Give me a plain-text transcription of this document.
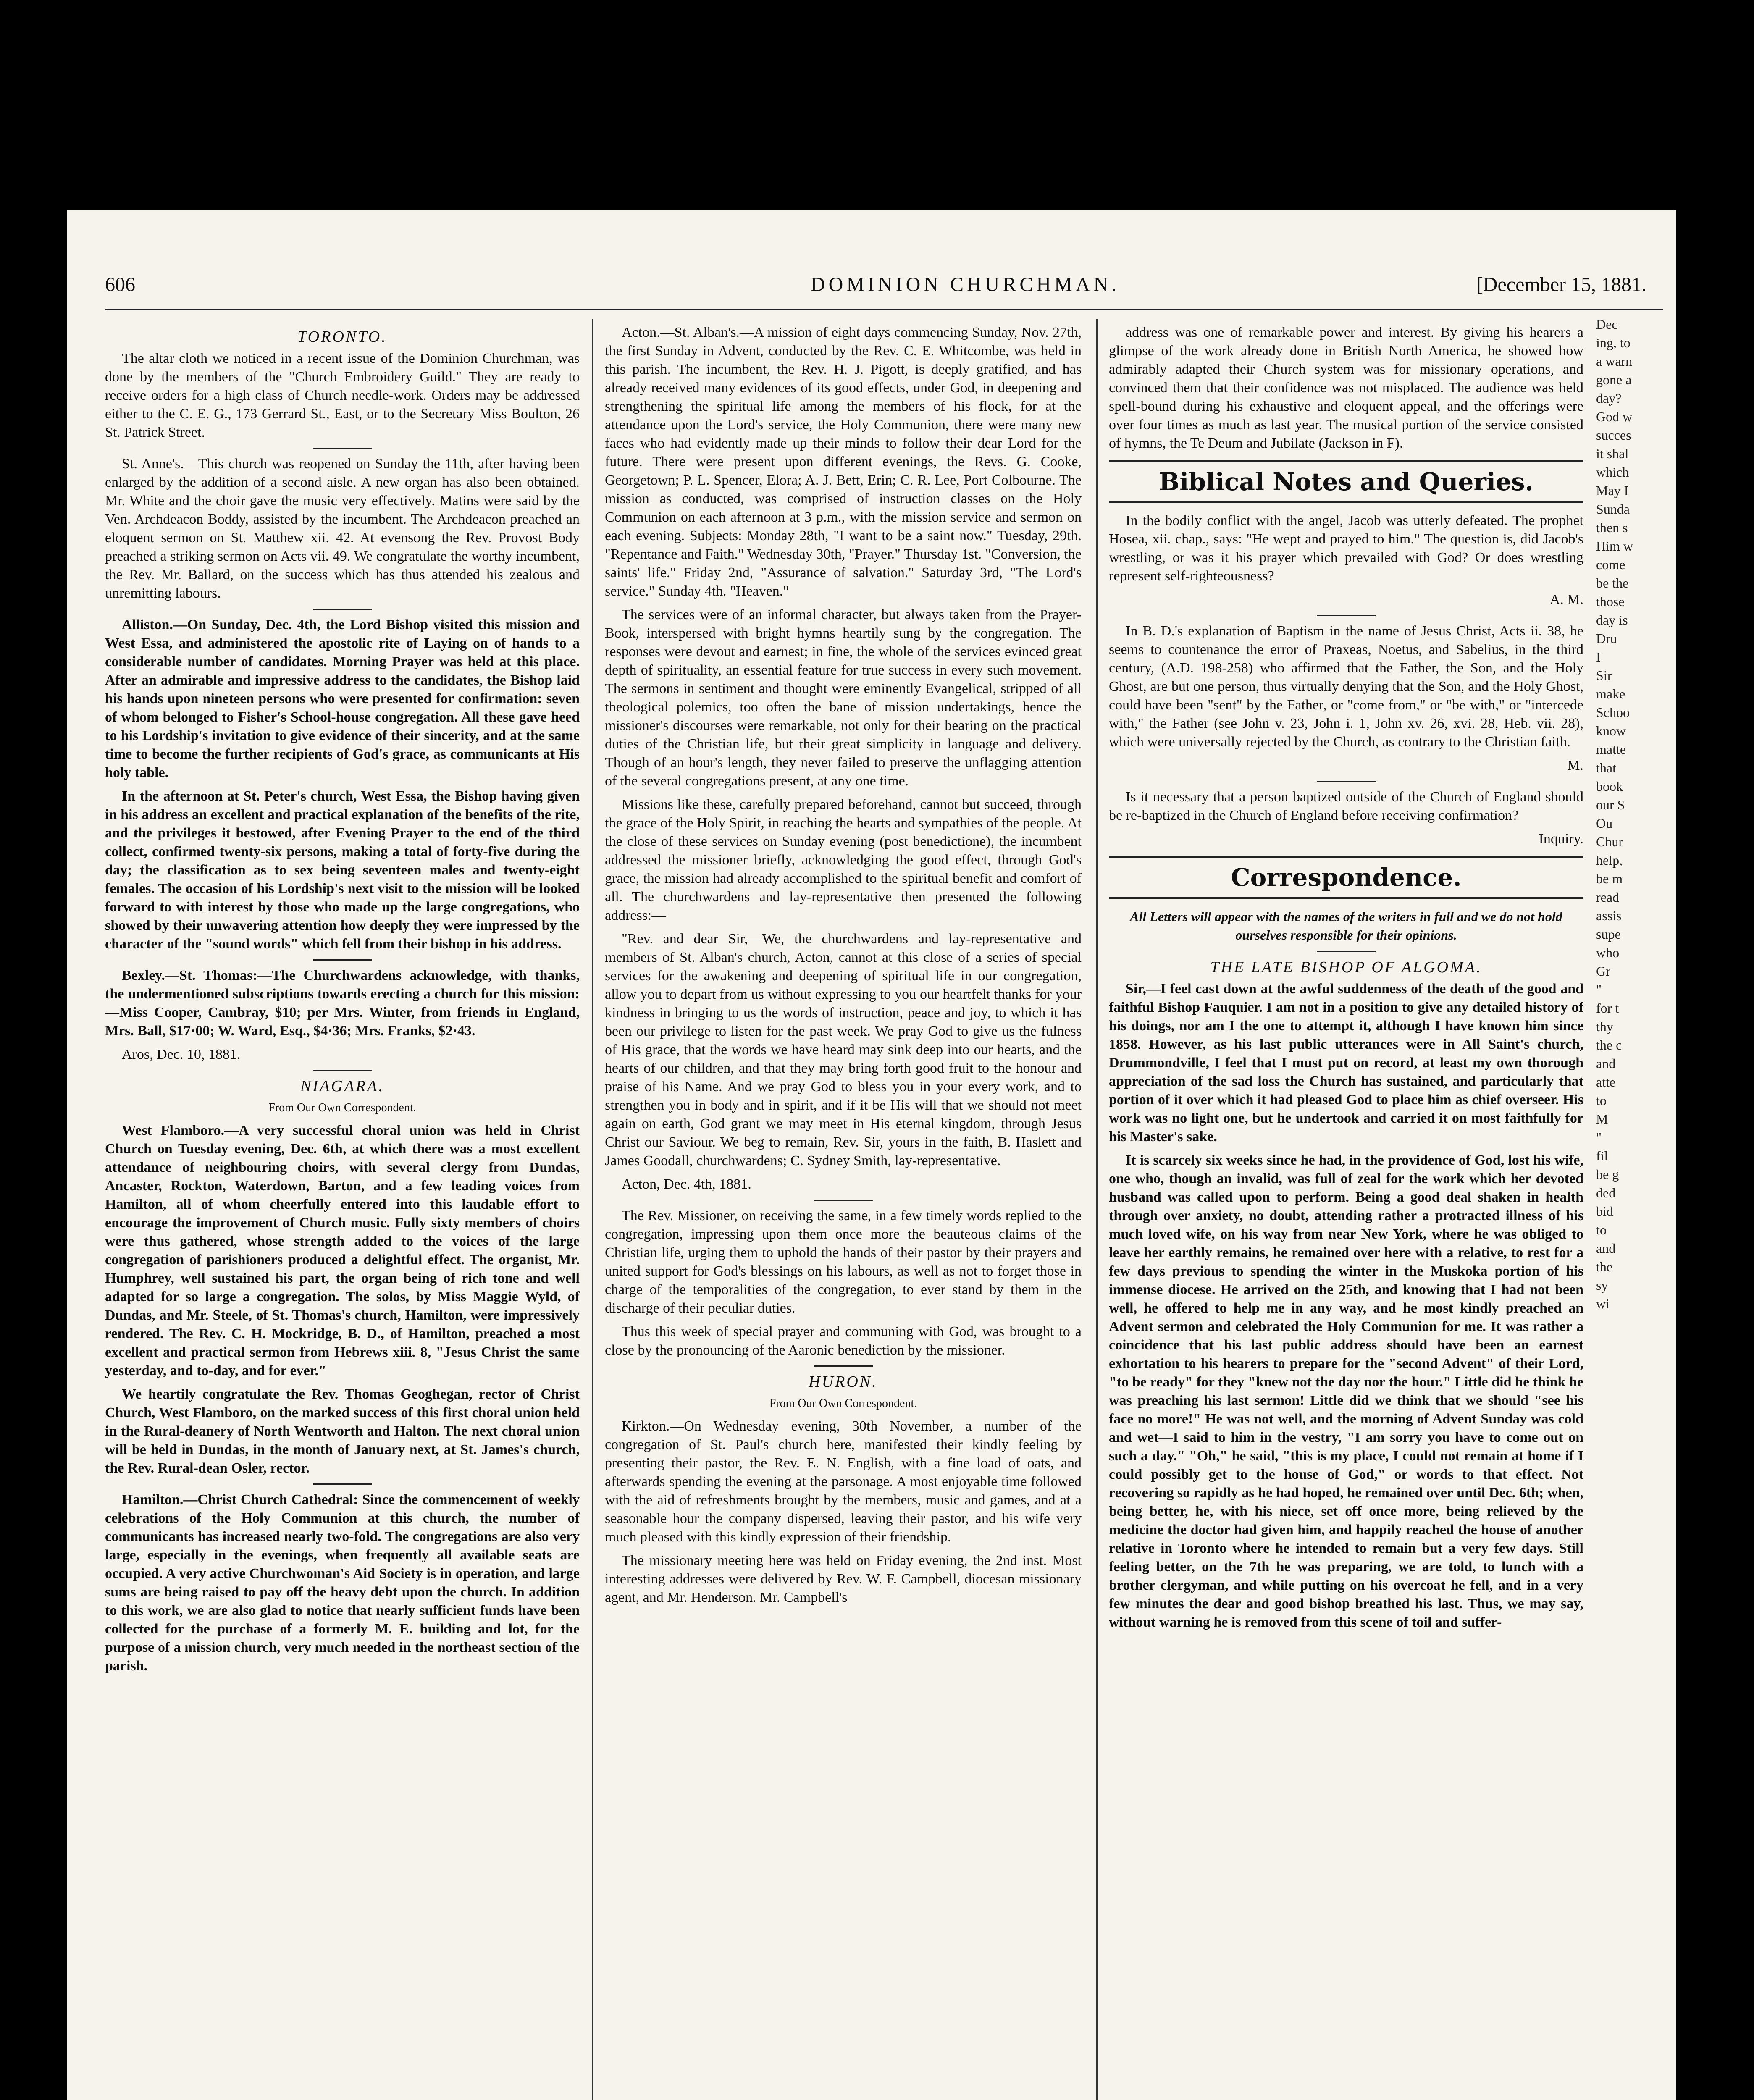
606	DOMINION CHURCHMAN.	[December 15, 1881.
TORONTO.

The altar cloth we noticed in a recent issue of the Dominion Churchman, was done by the members of the "Church Embroidery Guild." They are ready to receive orders for a high class of Church needle-work. Orders may be addressed either to the C. E. G., 173 Gerrard St., East, or to the Secretary Miss Boulton, 26 St. Patrick Street.

St. Anne's.—This church was reopened on Sunday the 11th, after having been enlarged by the addition of a second aisle. A new organ has also been obtained. Mr. White and the choir gave the music very effectively. Matins were said by the Ven. Archdeacon Boddy, assisted by the incumbent. The Archdeacon preached an eloquent sermon on St. Matthew xii. 42. At evensong the Rev. Provost Body preached a striking sermon on Acts vii. 49. We congratulate the worthy incumbent, the Rev. Mr. Ballard, on the success which has thus attended his zealous and unremitting labours.

Alliston.—On Sunday, Dec. 4th, the Lord Bishop visited this mission and West Essa, and administered the apostolic rite of Laying on of hands to a considerable number of candidates. Morning Prayer was held at this place. After an admirable and impressive address to the candidates, the Bishop laid his hands upon nineteen persons who were presented for confirmation: seven of whom belonged to Fisher's School-house congregation. All these gave heed to his Lordship's invitation to give evidence of their sincerity, and at the same time to become the further recipients of God's grace, as communicants at His holy table.

In the afternoon at St. Peter's church, West Essa, the Bishop having given in his address an excellent and practical explanation of the benefits of the rite, and the privileges it bestowed, after Evening Prayer to the end of the third collect, confirmed twenty-six persons, making a total of forty-five during the day; the classification as to sex being seventeen males and twenty-eight females. The occasion of his Lordship's next visit to the mission will be looked forward to with interest by those who made up the large congregations, who showed by their unwavering attention how deeply they were impressed by the character of the "sound words" which fell from their bishop in his address.

Bexley.—St. Thomas:—The Churchwardens acknowledge, with thanks, the undermentioned subscriptions towards erecting a church for this mission:—Miss Cooper, Cambray, $10; per Mrs. Winter, from friends in England, Mrs. Ball, $17·00; W. Ward, Esq., $4·36; Mrs. Franks, $2·43.

Aros, Dec. 10, 1881.

NIAGARA.
From Our Own Correspondent.

West Flamboro.—A very successful choral union was held in Christ Church on Tuesday evening, Dec. 6th, at which there was a most excellent attendance of neighbouring choirs, with several clergy from Dundas, Ancaster, Rockton, Waterdown, Barton, and a few leading voices from Hamilton, all of whom cheerfully entered into this laudable effort to encourage the improvement of Church music. Fully sixty members of choirs were thus gathered, whose strength added to the voices of the large congregation of parishioners produced a delightful effect. The organist, Mr. Humphrey, well sustained his part, the organ being of rich tone and well adapted for so large a congregation. The solos, by Miss Maggie Wyld, of Dundas, and Mr. Steele, of St. Thomas's church, Hamilton, were impressively rendered. The Rev. C. H. Mockridge, B. D., of Hamilton, preached a most excellent and practical sermon from Hebrews xiii. 8, "Jesus Christ the same yesterday, and to-day, and for ever."

We heartily congratulate the Rev. Thomas Geoghegan, rector of Christ Church, West Flamboro, on the marked success of this first choral union held in the Rural-deanery of North Wentworth and Halton. The next choral union will be held in Dundas, in the month of January next, at St. James's church, the Rev. Rural-dean Osler, rector.

Hamilton.—Christ Church Cathedral: Since the commencement of weekly celebrations of the Holy Communion at this church, the number of communicants has increased nearly two-fold. The congregations are also very large, especially in the evenings, when frequently all available seats are occupied. A very active Churchwoman's Aid Society is in operation, and large sums are being raised to pay off the heavy debt upon the church. In addition to this work, we are also glad to notice that nearly sufficient funds have been collected for the purchase of a formerly M. E. building and lot, for the purpose of a mission church, very much needed in the northeast section of the parish.

Acton.—St. Alban's.—A mission of eight days commencing Sunday, Nov. 27th, the first Sunday in Advent, conducted by the Rev. C. E. Whitcombe, was held in this parish. The incumbent, the Rev. H. J. Pigott, is deeply gratified, and has already received many evidences of its good effects, under God, in deepening and strengthening the spiritual life among the members of his flock, for at the attendance upon the Lord's service, the Holy Communion, there were many new faces who had evidently made up their minds to follow their dear Lord for the future. There were present upon different evenings, the Revs. G. Cooke, Georgetown; P. L. Spencer, Elora; A. J. Bett, Erin; C. R. Lee, Port Colbourne. The mission as conducted, was comprised of instruction classes on the Holy Communion on each afternoon at 3 p.m., with the mission service and sermon on each evening. Subjects: Monday 28th, "I want to be a saint now." Tuesday, 29th. "Repentance and Faith." Wednesday 30th, "Prayer." Thursday 1st. "Conversion, the saints' life." Friday 2nd, "Assurance of salvation." Saturday 3rd, "The Lord's service." Sunday 4th. "Heaven."

The services were of an informal character, but always taken from the Prayer-Book, interspersed with bright hymns heartily sung by the congregation. The responses were devout and earnest; in fine, the whole of the services evinced great depth of spirituality, an essential feature for true success in every such movement. The sermons in sentiment and thought were eminently Evangelical, stripped of all theological polemics, too often the bane of mission undertakings, hence the missioner's discourses were remarkable, not only for their bearing on the practical duties of the Christian life, but their great simplicity in language and delivery. Though of an hour's length, they never failed to preserve the unflagging attention of the several congregations present, at any one time.

Missions like these, carefully prepared beforehand, cannot but succeed, through the grace of the Holy Spirit, in reaching the hearts and sympathies of the people. At the close of these services on Sunday evening (post benedictione), the incumbent addressed the missioner briefly, acknowledging the good effect, through God's grace, the mission had already accomplished to the spiritual benefit and comfort of all. The churchwardens and lay-representative then presented the following address:—

"Rev. and dear Sir,—We, the churchwardens and lay-representative and members of St. Alban's church, Acton, cannot at this close of a series of special services for the awakening and deepening of spiritual life in our congregation, allow you to depart from us without expressing to you our heartfelt thanks for your kindness in bringing to us the words of instruction, peace and joy, to which it has been our privilege to listen for the past week. We pray God to give us the fulness of His grace, that the words we have heard may sink deep into our hearts, and the hearts of our children, and that they may bring forth good fruit to the honour and praise of his Name. And we pray God to bless you in your every work, and to strengthen you in body and in spirit, and if it be His will that we should not meet again on earth, God grant we may meet in His eternal kingdom, through Jesus Christ our Saviour. We beg to remain, Rev. Sir, yours in the faith, B. Haslett and James Goodall, churchwardens; C. Sydney Smith, lay-representative.

Acton, Dec. 4th, 1881.

The Rev. Missioner, on receiving the same, in a few timely words replied to the congregation, impressing upon them once more the beauteous claims of the Christian life, urging them to uphold the hands of their pastor by their prayers and united support for God's blessings on his labours, as well as not to forget those in charge of the temporalities of the congregation, to ever stand by them in the discharge of their peculiar duties.

Thus this week of special prayer and communing with God, was brought to a close by the pronouncing of the Aaronic benediction by the missioner.

HURON.
From Our Own Correspondent.

Kirkton.—On Wednesday evening, 30th November, a number of the congregation of St. Paul's church here, manifested their kindly feeling by presenting their pastor, the Rev. E. N. English, with a fine load of oats, and afterwards spending the evening at the parsonage. A most enjoyable time followed with the aid of refreshments brought by the members, music and games, and at a seasonable hour the company dispersed, leaving their pastor, and his wife very much pleased with this kindly expression of their friendship.

The missionary meeting here was held on Friday evening, the 2nd inst. Most interesting addresses were delivered by Rev. W. F. Campbell, diocesan missionary agent, and Mr. Henderson. Mr. Campbell's

address was one of remarkable power and interest. By giving his hearers a glimpse of the work already done in British North America, he showed how admirably adapted their Church system was for missionary operations, and convinced them that their confidence was not misplaced. The audience was held spell-bound during his exhaustive and eloquent appeal, and the offerings were over four times as much as last year. The musical portion of the service consisted of hymns, the Te Deum and Jubilate (Jackson in F).

Biblical Notes and Queries.

In the bodily conflict with the angel, Jacob was utterly defeated. The prophet Hosea, xii. chap., says: "He wept and prayed to him." The question is, did Jacob's wrestling, or was it his prayer which prevailed with God? Or does wrestling represent self-righteousness?

A. M.

In B. D.'s explanation of Baptism in the name of Jesus Christ, Acts ii. 38, he seems to countenance the error of Praxeas, Noetus, and Sabelius, in the third century, (A.D. 198-258) who affirmed that the Father, the Son, and the Holy Ghost, are but one person, thus virtually denying that the Son, and the Holy Ghost, could have been "sent" by the Father, or "come from," or "be with," or "intercede with," the Father (see John v. 23, John i. 1, John xv. 26, xvi. 28, Heb. vii. 28), which were universally rejected by the Church, as contrary to the Christian faith.

M.

Is it necessary that a person baptized outside of the Church of England should be re-baptized in the Church of England before receiving confirmation?

Inquiry.
Correspondence.
All Letters will appear with the names of the writers in full and we do not hold ourselves responsible for their opinions.
THE LATE BISHOP OF ALGOMA.

Sir,—I feel cast down at the awful suddenness of the death of the good and faithful Bishop Fauquier. I am not in a position to give any detailed history of his doings, nor am I the one to attempt it, although I have known him since 1858. However, as his last public utterances were in All Saint's church, Drummondville, I feel that I must put on record, at least my own thorough appreciation of the sad loss the Church has sustained, and particularly that portion of it over which it had pleased God to place him as chief overseer. His work was no light one, but he undertook and carried it on most faithfully for his Master's sake.

It is scarcely six weeks since he had, in the providence of God, lost his wife, one who, though an invalid, was full of zeal for the work which her devoted husband was called upon to perform. Being a good deal shaken in health through over anxiety, no doubt, attending rather a protracted illness of his much loved wife, on his way from near New York, where he was obliged to leave her earthly remains, he remained over here with a relative, to rest for a few days previous to spending the winter in the Muskoka portion of his immense diocese. He arrived on the 25th, and knowing that I had not been well, he offered to help me in any way, and he most kindly preached an Advent sermon and celebrated the Holy Communion for me. It was rather a coincidence that his last public address should have been an earnest exhortation to his hearers to prepare for the "second Advent" of their Lord, "to be ready" for they "knew not the day nor the hour." Little did he think he was preaching his last sermon! Little did we think that we should "see his face no more!" He was not well, and the morning of Advent Sunday was cold and wet—I said to him in the vestry, "I am sorry you have to come out on such a day." "Oh," he said, "this is my place, I could not remain at home if I could possibly get to the house of God," or words to that effect. Not recovering so rapidly as he had hoped, he remained over until Dec. 6th; when, being better, he, with his niece, set off once more, being relieved by the medicine the doctor had given him, and happily reached the house of another relative in Toronto where he intended to remain but a very few days. Still feeling better, on the 7th he was preparing, we are told, to lunch with a brother clergyman, and while putting on his overcoat he fell, and in a very few minutes the dear and good bishop breathed his last. Thus, we may say, without warning he is removed from this scene of toil and suffer-

Dec
ing, to
a warn
gone a
day?
God w
succes
it shal
which
May I
Sunda
then s
Him w
come
be the
those
day is
Dru
I
Sir
make
Schoo
know
matte
that
book
our S
Ou
Chur
help,
be m
read
assis
supe
who
Gr
"
for t
thy
the c
and
atte
to
M
"
fil
be g
ded
bid
to
and
the
sy
wi
